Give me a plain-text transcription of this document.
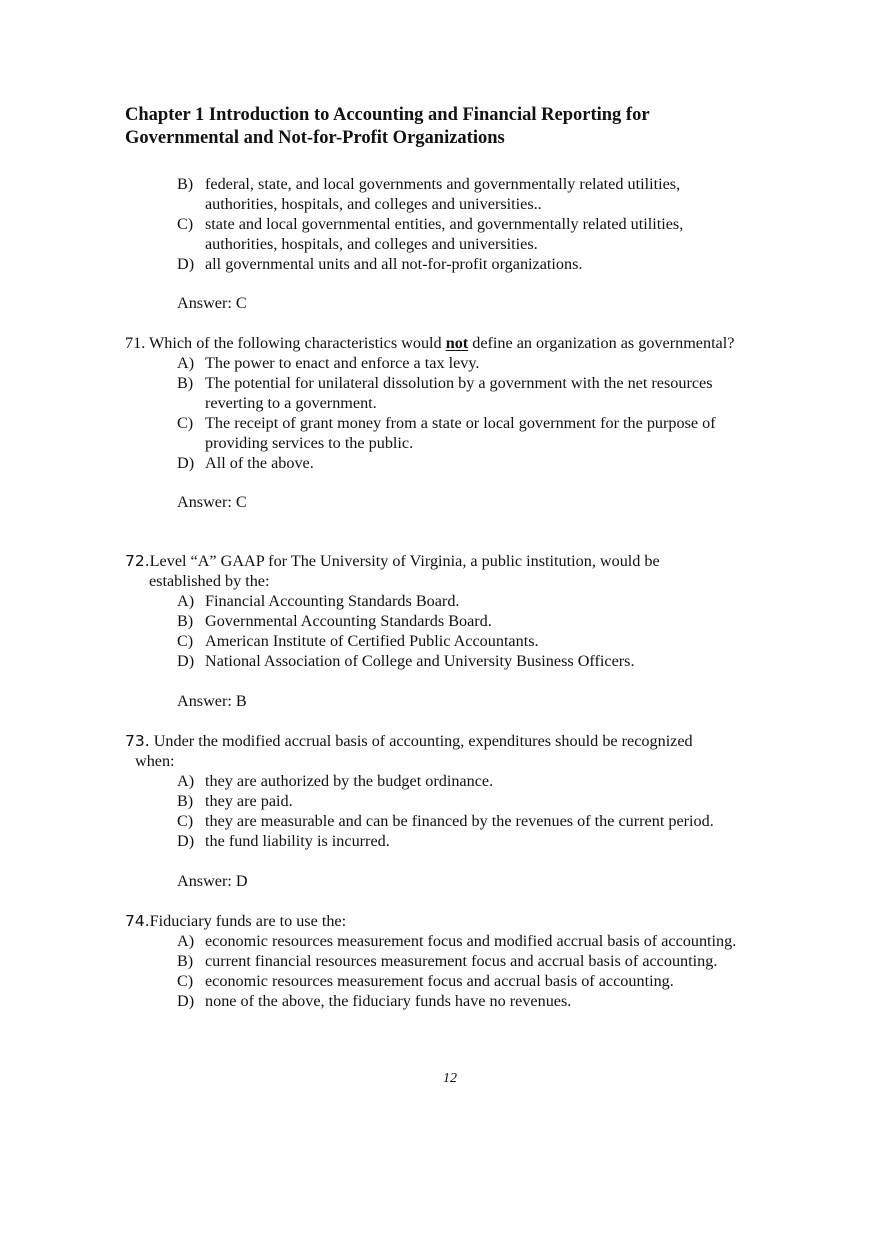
Chapter 1 Introduction to Accounting and Financial Reporting for
Governmental and Not-for-Profit Organizations
B) federal, state, and local governments and governmentally related utilities,
authorities, hospitals, and colleges and universities..
C) state and local governmental entities, and governmentally related utilities,
authorities, hospitals, and colleges and universities.
D) all governmental units and all not-for-profit organizations.
Answer: C
71. Which of the following characteristics would not define an organization as governmental?
A) The power to enact and enforce a tax levy.
B) The potential for unilateral dissolution by a government with the net resources
reverting to a government.
C) The receipt of grant money from a state or local government for the purpose of
providing services to the public.
D) All of the above.
Answer: C
72.Level “A” GAAP for The University of Virginia, a public institution, would be
established by the:
A) Financial Accounting Standards Board.
B) Governmental Accounting Standards Board.
C) American Institute of Certified Public Accountants.
D) National Association of College and University Business Officers.
Answer: B
73. Under the modified accrual basis of accounting, expenditures should be recognized
when:
A) they are authorized by the budget ordinance.
B) they are paid.
C) they are measurable and can be financed by the revenues of the current period.
D) the fund liability is incurred.
Answer: D
74.Fiduciary funds are to use the:
A) economic resources measurement focus and modified accrual basis of accounting.
B) current financial resources measurement focus and accrual basis of accounting.
C) economic resources measurement focus and accrual basis of accounting.
D) none of the above, the fiduciary funds have no revenues.
12
